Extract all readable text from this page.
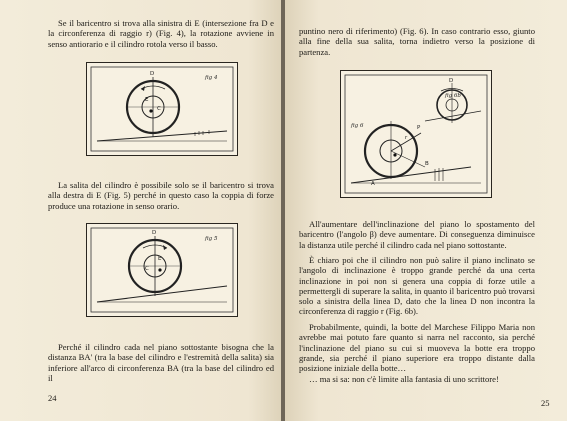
Se il baricentro si trova alla sinistra di E (intersezione fra D e la circonferenza di raggio r) (Fig. 4), la rotazione avviene in senso antiorario e il cilindro rotola verso il basso.

fig 4
D
C
E

La salita del cilindro è possibile solo se il baricentro si trova alla destra di E (Fig. 5) perché in questo caso la coppia di forze produce una rotazione in senso orario.

fig 5
D
C
E

Perché il cilindro cada nel piano sottostante bisogna che la distanza BA' (tra la base del cilindro e l'estremità della salita) sia inferiore all'arco di circonferenza BA (tra la base del cilindro ed il

24

puntino nero di riferimento) (Fig. 6). In caso contrario esso, giunto alla fine della sua salita, torna indietro verso la posizione di partenza.

fig 6b
fig 6
D
P
B
A
r

All'aumentare dell'inclinazione del piano lo spostamento del baricentro (l'angolo β) deve aumentare. Di conseguenza diminuisce la distanza utile perché il cilindro cada nel piano sottostante.

È chiaro poi che il cilindro non può salire il piano inclinato se l'angolo di inclinazione è troppo grande perché da una certa inclinazione in poi non si genera una coppia di forze utile a permettergli di superare la salita, in quanto il baricentro può trovarsi solo a sinistra della linea D, dato che la linea D non incontra la circonferenza di raggio r (Fig. 6b).

Probabilmente, quindi, la botte del Marchese Filippo Maria non avrebbe mai potuto fare quanto si narra nel racconto, sia perché l'inclinazione del piano su cui si muoveva la botte era troppo grande, sia perché il piano superiore era troppo distante dalla posizione iniziale della botte…

… ma si sa: non c'è limite alla fantasia di uno scrittore!

25
